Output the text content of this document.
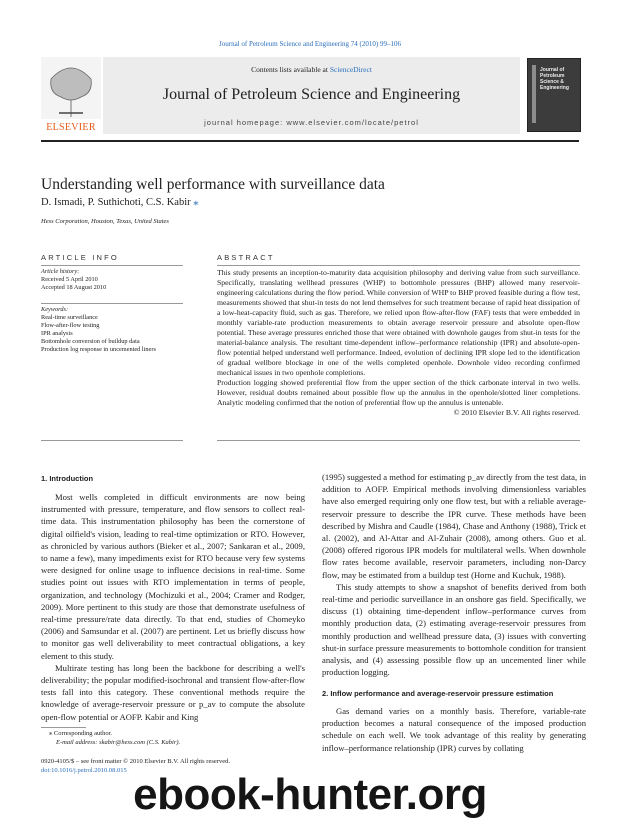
Journal of Petroleum Science and Engineering 74 (2010) 99–106
ELSEVIER
Contents lists available at ScienceDirect
Journal of Petroleum Science and Engineering
journal homepage: www.elsevier.com/locate/petrol
Journal of
Petroleum
Science &
Engineering
Understanding well performance with surveillance data
D. Ismadi, P. Suthichoti, C.S. Kabir ⁎
Hess Corporation, Houston, Texas, United States
ARTICLE INFO
Article history:
Received 5 April 2010
Accepted 18 August 2010
Keywords:
Real-time surveillance
Flow-after-flow testing
IPR analysis
Bottomhole conversion of buildup data
Production log response in uncemented liners
ABSTRACT

This study presents an inception-to-maturity data acquisition philosophy and deriving value from such surveillance. Specifically, translating wellhead pressures (WHP) to bottomhole pressures (BHP) allowed many reservoir-engineering calculations during the flow period. While conversion of WHP to BHP proved feasible during a flow test, measurements showed that shut-in tests do not lend themselves for such treatment because of rapid heat dissipation of a low-heat-capacity fluid, such as gas. Therefore, we relied upon flow-after-flow (FAF) tests that were embedded in monthly variable-rate production measurements to obtain average reservoir pressure and absolute open-flow potential. These average pressures enriched those that were obtained with downhole gauges from shut-in tests for the material-balance analysis. The resultant time-dependent inflow–performance relationship (IPR) and absolute-open-flow potential helped understand well performance. Indeed, evolution of declining IPR slope led to the identification of gradual wellbore blockage in one of the wells completed openhole. Downhole video recording confirmed mechanical issues in two openhole completions.

Production logging showed preferential flow from the upper section of the thick carbonate interval in two wells. However, residual doubts remained about possible flow up the annulus in the openhole/slotted liner completions. Analytic modeling confirmed that the notion of preferential flow up the annulus is untenable.

© 2010 Elsevier B.V. All rights reserved.
1. Introduction

Most wells completed in difficult environments are now being instrumented with pressure, temperature, and flow sensors to collect real-time data. This instrumentation philosophy has been the cornerstone of digital oilfield's vision, leading to real-time optimization or RTO. However, as chronicled by various authors (Bieker et al., 2007; Sankaran et al., 2009, to name a few), many impediments exist for RTO because very few systems were designed for online usage to influence decisions in real-time. Some studies point out issues with RTO implementation in terms of people, organization, and technology (Mochizuki et al., 2004; Cramer and Rodger, 2009). More pertinent to this study are those that demonstrate usefulness of real-time pressure/rate data directly. To that end, studies of Chomeyko (2006) and Samsundar et al. (2007) are pertinent. Let us briefly discuss how to monitor gas well deliverability to meet contractual obligations, a key element to this study.

Multirate testing has long been the backbone for describing a well's deliverability; the popular modified-isochronal and transient flow-after-flow tests fall into this category. These conventional methods require the knowledge of average-reservoir pressure or p_av to compute the absolute open-flow potential or AOFP. Kabir and King

(1995) suggested a method for estimating p_av directly from the test data, in addition to AOFP. Empirical methods involving dimensionless variables have also emerged requiring only one flow test, but with a reliable average-reservoir pressure to describe the IPR curve. These methods have been described by Mishra and Caudle (1984), Chase and Anthony (1988), Trick et al. (2002), and Al-Attar and Al-Zuhair (2008), among others. Guo et al. (2008) offered rigorous IPR models for multilateral wells. When downhole flow rates become available, reservoir parameters, including non-Darcy flow, may be estimated from a buildup test (Horne and Kuchuk, 1988).

This study attempts to show a snapshot of benefits derived from both real-time and periodic surveillance in an onshore gas field. Specifically, we discuss (1) obtaining time-dependent inflow–performance curves from monthly production data, (2) estimating average-reservoir pressures from monthly production and wellhead pressure data, (3) issues with converting shut-in surface pressure measurements to bottomhole condition for transient analysis, and (4) assessing possible flow up an uncemented liner while production logging.

2. Inflow performance and average-reservoir pressure estimation

Gas demand varies on a monthly basis. Therefore, variable-rate production becomes a natural consequence of the imposed production schedule on each well. We took advantage of this reality by generating inflow–performance relationship (IPR) curves by collating

⁎ Corresponding author.
E-mail address: skabir@hess.com (C.S. Kabir).
0920-4105/$ – see front matter © 2010 Elsevier B.V. All rights reserved.
doi:10.1016/j.petrol.2010.08.015 ebook-hunter.org
